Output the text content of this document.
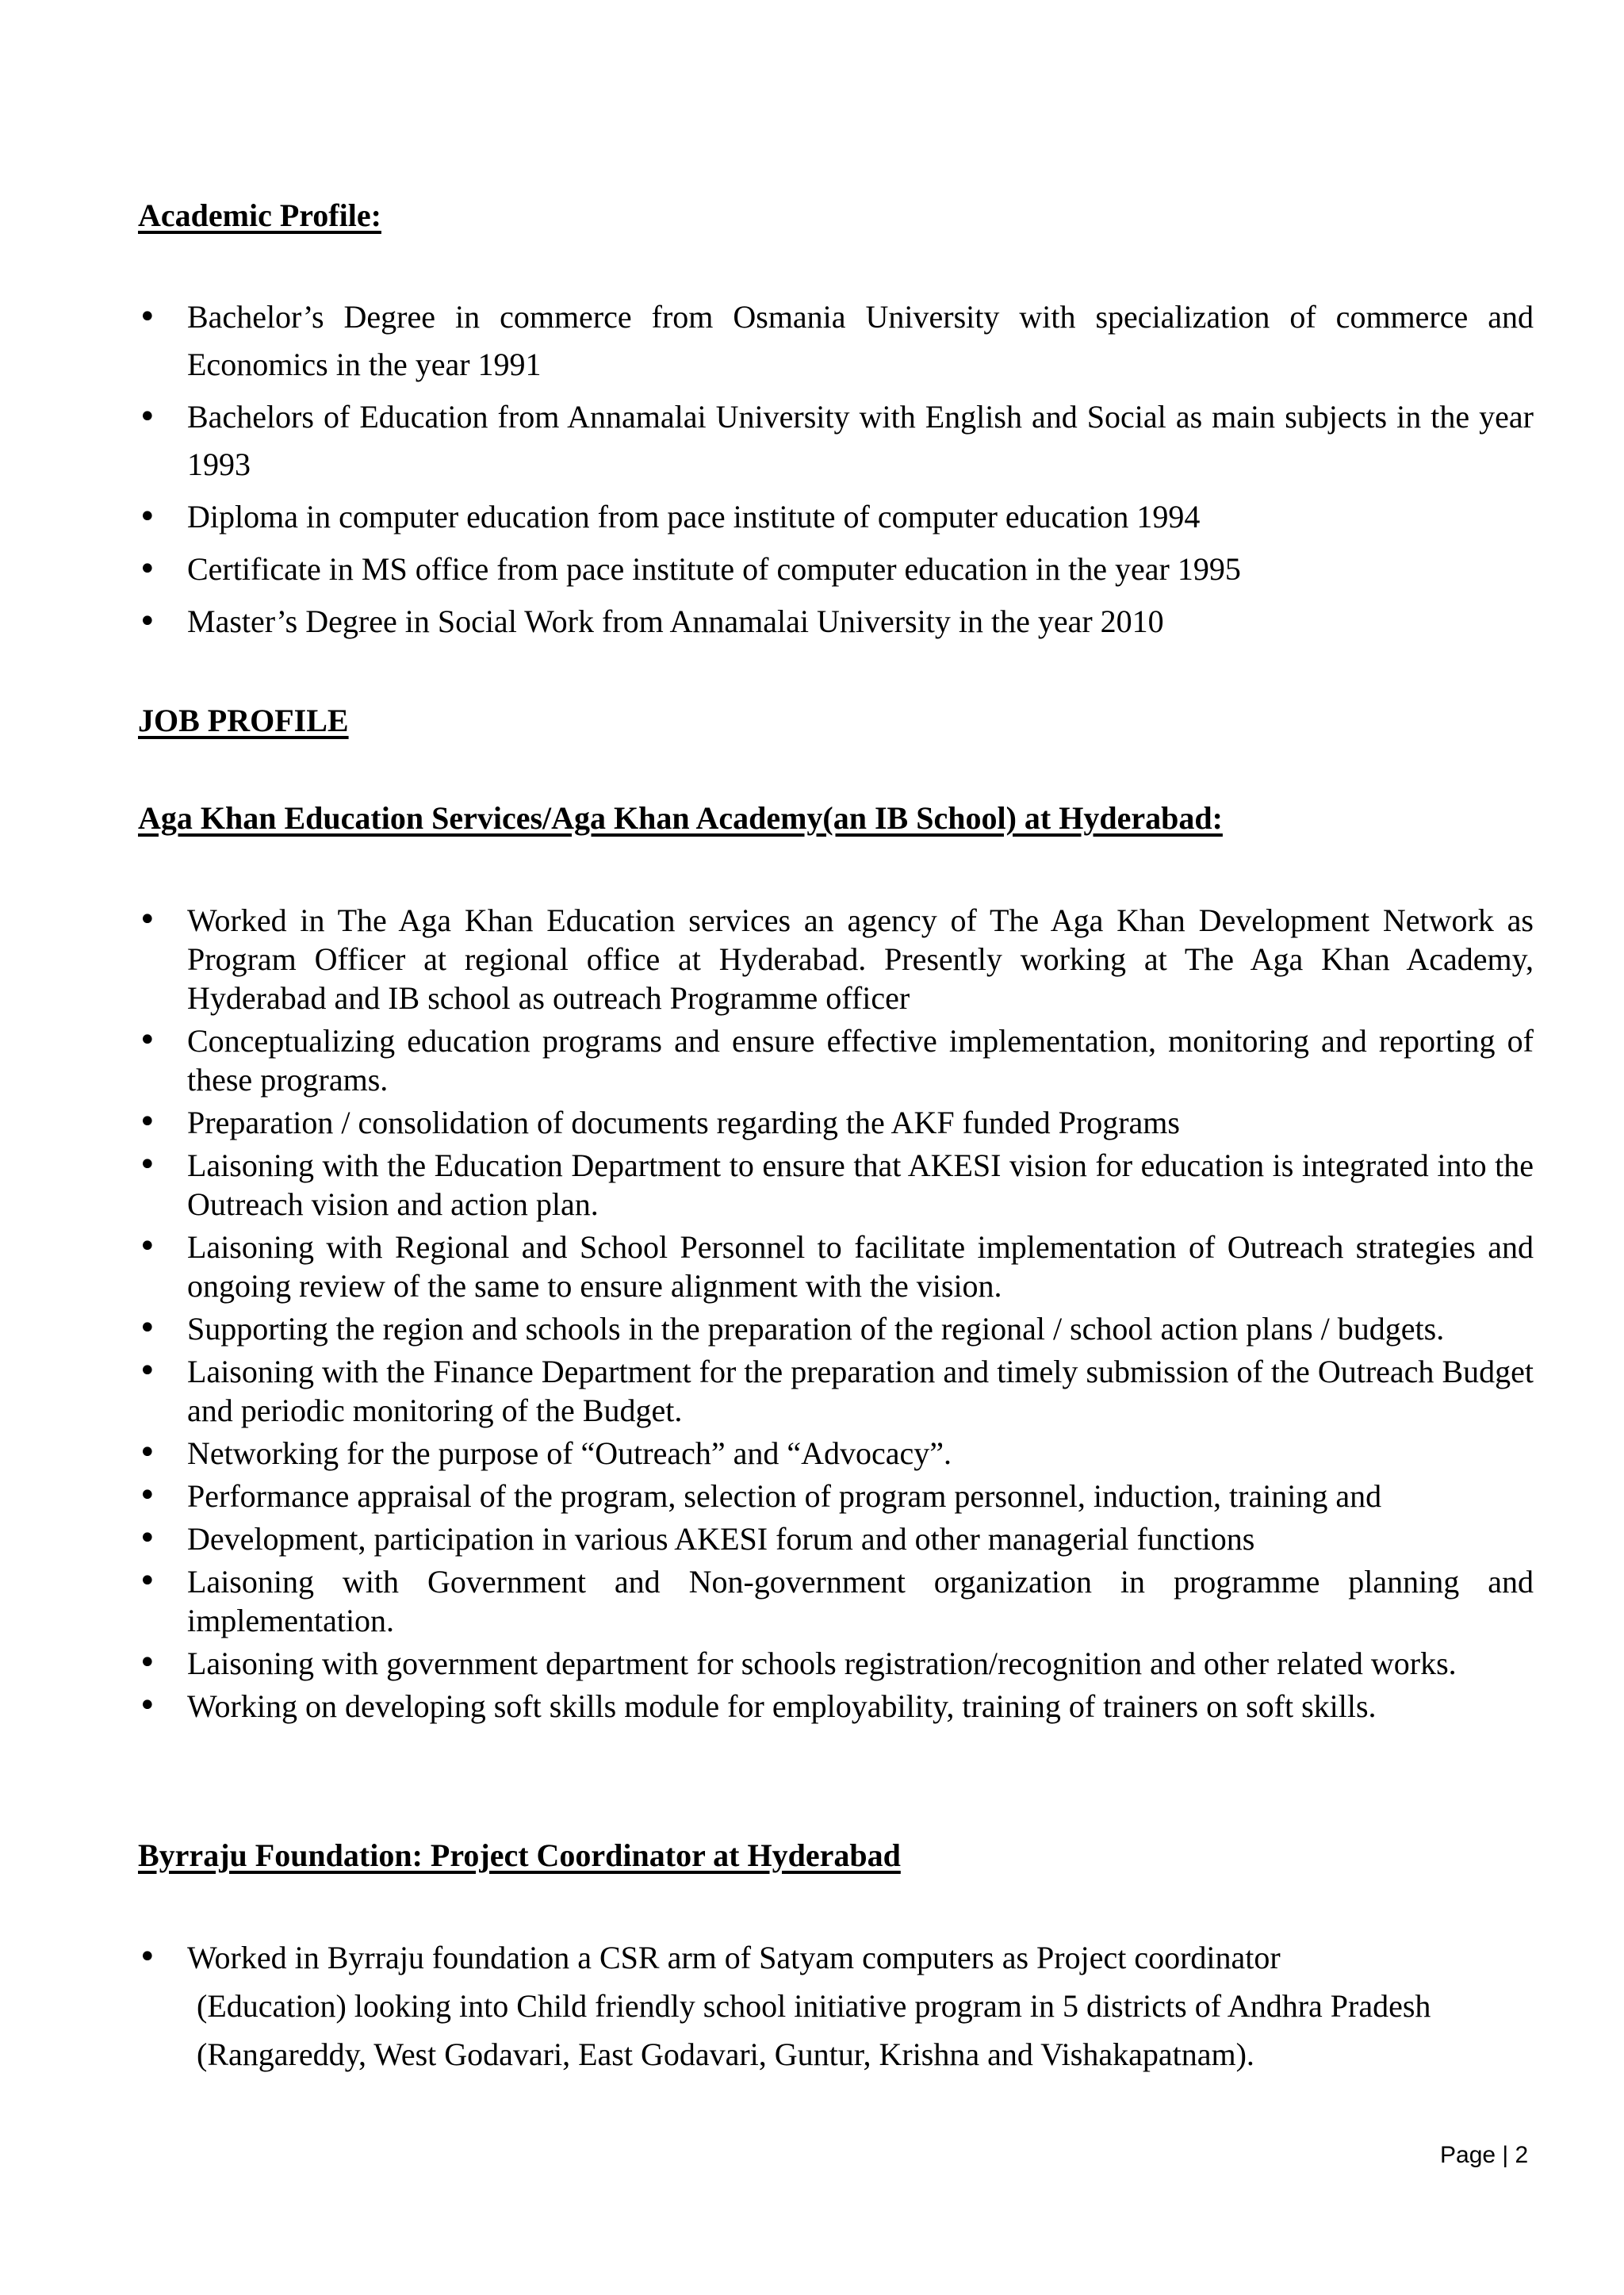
Academic Profile:
• Bachelor’s Degree in commerce from Osmania University with specialization of commerce and Economics in the year 1991
• Bachelors of Education from Annamalai University with English and Social as main subjects in the year 1993
• Diploma in computer education from pace institute of computer education 1994
• Certificate in MS office from pace institute of computer education in the year 1995
• Master’s Degree in Social Work from Annamalai University in the year 2010
JOB PROFILE
Aga Khan Education Services/Aga Khan Academy(an IB School) at Hyderabad:
• Worked in The Aga Khan Education services an agency of The Aga Khan Development Network as Program Officer at regional office at Hyderabad. Presently working at The Aga Khan Academy, Hyderabad and IB school as outreach Programme officer
• Conceptualizing education programs and ensure effective implementation, monitoring and reporting of these programs.
• Preparation / consolidation of documents regarding the AKF funded Programs
• Laisoning with the Education Department to ensure that AKESI vision for education is integrated into the Outreach vision and action plan.
• Laisoning with Regional and School Personnel to facilitate implementation of Outreach strategies and ongoing review of the same to ensure alignment with the vision.
• Supporting the region and schools in the preparation of the regional / school action plans / budgets.
• Laisoning with the Finance Department for the preparation and timely submission of the Outreach Budget and periodic monitoring of the Budget.
• Networking for the purpose of “Outreach” and “Advocacy”.
• Performance appraisal of the program, selection of program personnel, induction, training and
• Development, participation in various AKESI forum and other managerial functions
• Laisoning with Government and Non-government organization in programme planning and implementation.
• Laisoning with government department for schools registration/recognition and other related works.
• Working on developing soft skills module for employability, training of trainers on soft skills.
Byrraju Foundation: Project Coordinator at Hyderabad
• Worked in Byrraju foundation a CSR arm of Satyam computers as Project coordinator
(Education) looking into Child friendly school initiative program in 5 districts of Andhra Pradesh
(Rangareddy, West Godavari, East Godavari, Guntur, Krishna and Vishakapatnam).
Page | 2
